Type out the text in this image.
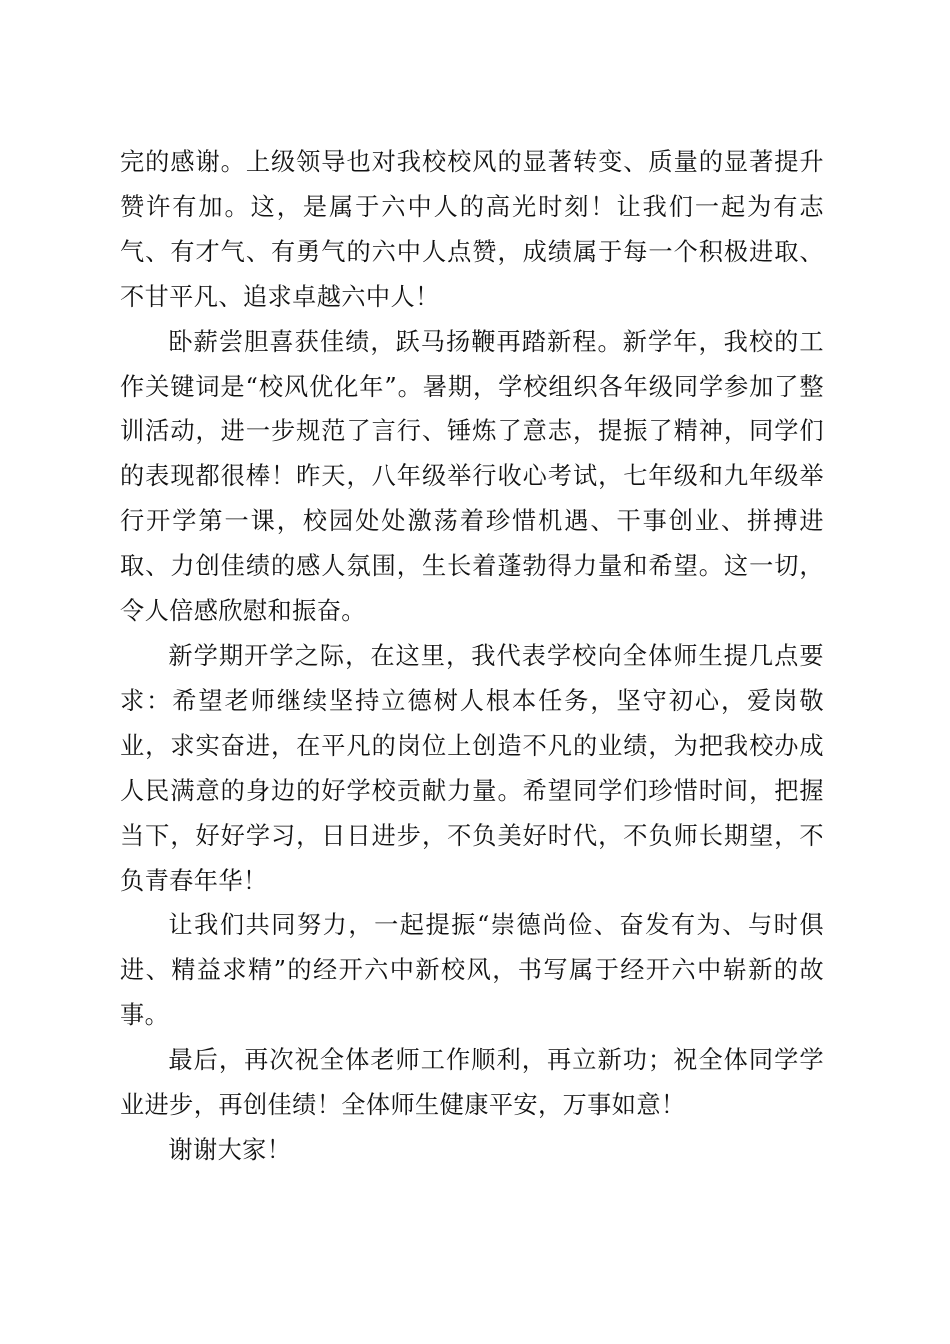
完的感谢。上级领导也对我校校风的显著转变、质量的显著提升赞许有加。这，是属于六中人的高光时刻！让我们一起为有志气、有才气、有勇气的六中人点赞，成绩属于每一个积极进取、不甘平凡、追求卓越六中人！

卧薪尝胆喜获佳绩，跃马扬鞭再踏新程。新学年，我校的工作关键词是“校风优化年”。暑期，学校组织各年级同学参加了整训活动，进一步规范了言行、锤炼了意志，提振了精神，同学们的表现都很棒！昨天，八年级举行收心考试，七年级和九年级举行开学第一课，校园处处激荡着珍惜机遇、干事创业、拼搏进取、力创佳绩的感人氛围，生长着蓬勃得力量和希望。这一切，令人倍感欣慰和振奋。

新学期开学之际，在这里，我代表学校向全体师生提几点要求：希望老师继续坚持立德树人根本任务，坚守初心，爱岗敬业，求实奋进，在平凡的岗位上创造不凡的业绩，为把我校办成人民满意的身边的好学校贡献力量。希望同学们珍惜时间，把握当下，好好学习，日日进步，不负美好时代，不负师长期望，不负青春年华！

让我们共同努力，一起提振“崇德尚俭、奋发有为、与时俱进、精益求精”的经开六中新校风，书写属于经开六中崭新的故事。

最后，再次祝全体老师工作顺利，再立新功；祝全体同学学业进步，再创佳绩！全体师生健康平安，万事如意！

谢谢大家！
